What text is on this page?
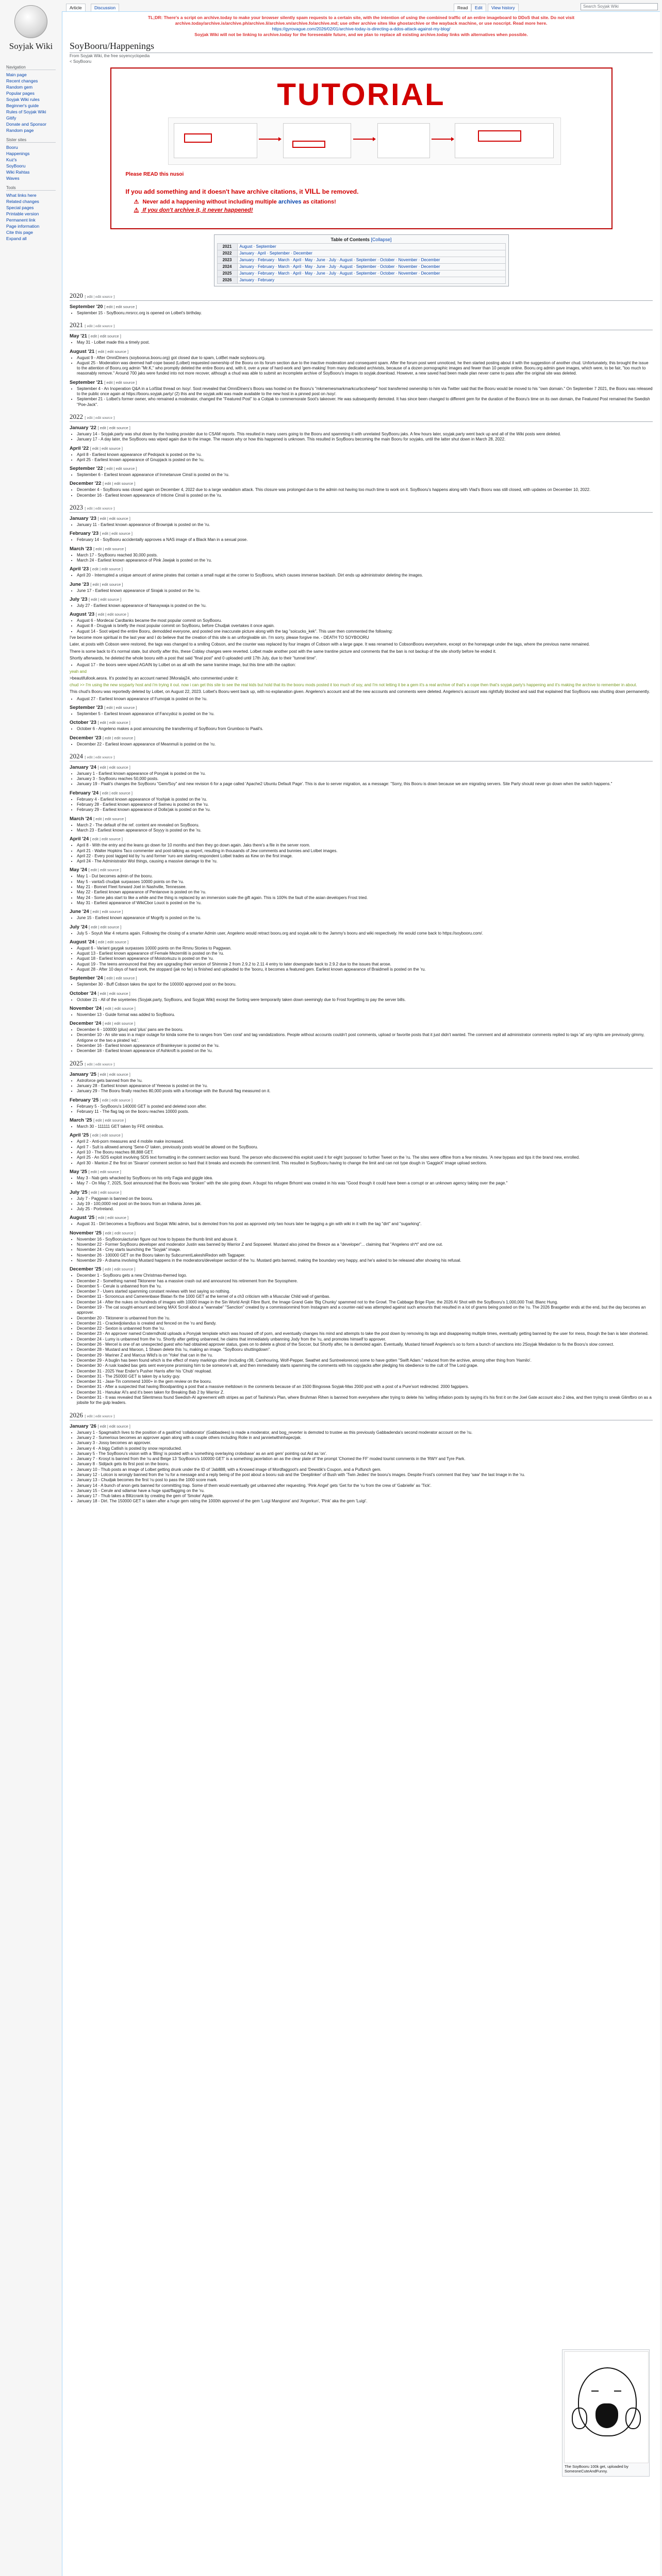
Soyjak Wiki
Navigation
Main page
Recent changes
Random gem
Popular pages
Soyjak Wiki rules
Beginner's guide
Rules of Soyjak Wiki
Gitify
Donate and Sponsor
Random page
Sister sites
Booru
Happenings
Kuz's
SoyBooru
Wiki Rahtas
Waves
Tools
What links here
Related changes
Special pages
Printable version
Permanent link
Page information
Cite this page
Expand all
Article	Discussion	Read	Edit	View history	Search Soyjak Wiki
TL;DR: There's a script on archive.today to make your browser silently spam requests to a certain site, with the intention of using the combined traffic of an entire imageboard to DDoS that site. Do not visit archive.today/archive.is/archive.ph/archive.li/archive.vn/archive.fo/archive.md; use other archive sites like ghostarchive or the wayback machine, or use noscript. Read more here.
https://gyrovague.com/2026/02/01/archive-today-is-directing-a-ddos-attack-against-my-blog/
Soyjak Wiki will not be linking to archive.today for the foreseeable future, and we plan to replace all existing archive.today links with alternatives when possible.
SoyBooru/Happenings
From Soyjak Wiki, the free soyencyclopedia
< SoyBooru
TUTORIAL
Please READ this nusoi
If you add something and it doesn't have archive citations, it VILL be removed.
⚠ Never add a happening without including multiple archives as citations!
⚠ If you don't archive it, it never happened!
Table of Contents [Collapse]
2021	August · September
2022	January · April · September · December
2023	January · February · March · April · May · June · July · August · September · October · November · December
2024	January · February · March · April · May · June · July · August · September · October · November · December
2025	January · February · March · April · May · June · July · August · September · October · November · December
2026	January · February
2020 [ edit | edit source ]
September '20 [ edit | edit source ]
• September 15 - SoyBooru.mrsrcc.org is opened on Lolbet's birthday.
2021 [ edit | edit source ]
May '21 [ edit | edit source ]
• May 31 - Lolbet made this a timely post.
August '21 [ edit | edit source ]
• August 9 - After OmniDiners (soyboorus.booru.org) got closed due to spam, LolBet made soybooru.org.
• August 25 - Moderation was deemed half-cope based (Lolbet) requested ownership of the Booru on its forum section due to the inactive moderation and consequent spam. After the forum post went unnoticed, he then started posting about it with the suggestion of another chud. Unfortunately, this brought the issue to the attention of Booru.org admin "Mr.K," who promptly deleted the entire Booru and, with it, over a year of hard-work and 'gem-making' from many dedicated archivists, because of a dozen pornographic images and fewer than 10 people online. Booru.org admin gave images, which were, to be fair, "too much to reasonably remove." Around 700 jaks were funded into not more recover, although a chud was able to submit an incomplete archive of SoyBooru's images to soyjak.download. However, a new saved had been made plan never came to pass after the original site was deleted.
September '21 [ edit | edit source ]
• September 4 - An Inoperation Q&A in a LolStat thread on /soy/. Soot revealed that OmniDiners's Booru was hosted on the Booru's "mkmemesmarkmarkcurbcsheep/" host transferred ownership to him via Twitter said that the Booru would be moved to his "own domain." On September 7 2021, the Booru was released to the public once again at https://booru.soyjak.party/ (2) this and the soyjak.wiki was made available to the new host in a pinned post on /soy/.
• September 21 - Lolbet's former owner, who remained a moderator, changed the "Featured Post" to a Cobjak to commemorate Soot's takeover. He was subsequently demoted. It has since been changed to different gem for the duration of the Booru's time on its own domain, the Featured Post remained the Swedish "Poe-Jack".
2022 [ edit | edit source ]
January '22 [ edit | edit source ]
• January 14 - Soyjak.party was shut down by the hosting provider due to CSAM reports. This resulted in many users going to the Booru and spamming it with unrelated SoyBooru jaks. A few hours later, soyjak.party went back up and all of the Wiki posts were deleted.
• January 17 - A day later, the SoyBooru was wiped again due to the image. The reason why or how this happened is unknown. This resulted in SoyBooru becoming the main Booru for soyjaks, until the latter shut down in March 28, 2022.
April '22 [ edit | edit source ]
• April 8 - Earliest known appearance of Pedojack is posted on the 'ru.
• April 25 - Earliest known appearance of Gnupjack is posted on the 'ru.
September '22 [ edit | edit source ]
• September 6 - Earliest known appearance of Inmetanuve Cinsil is posted on the 'ru.
December '22 [ edit | edit source ]
• December 4 - SoyBooru was closed again on December 4, 2022 due to a large vandalism attack. This closure was prolonged due to the admin not having too much time to work on it. SoyBooru's happens along with Vlad's Booru was still closed, with updates on December 10, 2022.
• December 16 - Earliest known appearance of Inticine Cinsil is posted on the 'ru.
2023 [ edit | edit source ]
January '23 [ edit | edit source ]
• January 11 - Earliest known appearance of Brownjak is posted on the 'ru.
February '23 [ edit | edit source ]
• February 14 - SoyBooru accidentally approves a NAS image of a Black Man in a sexual pose.
March '23 [ edit | edit source ]
• March 17 - SoyBooru reached 30,000 posts.
• March 24 - Earliest known appearance of Pink Jawjak is posted on the 'ru.
April '23 [ edit | edit source ]
• April 20 - Interrupted a unique amount of anime pirates that contain a small nugat at the corner to SoyBooru, which causes immense backlash. Dirt ends up administrator deleting the images.
June '23 [ edit | edit source ]
• June 17 - Earliest known appearance of Sirajak is posted on the 'ru.
July '23 [ edit | edit source ]
• July 27 - Earliest known appearance of Nanaywaja is posted on the 'ru.
August '23 [ edit | edit source ]
• August 6 - Mordecai Cardtanks became the most popular commit on SoyBooru.
• August 8 - Drugyak is briefly the most popular commit on SoyBooru, before Chudjak overtakes it once again.
• August 14 - Soot wiped the entire Booru, demodded everyone, and posted one inaccurate picture along with the tag "soicucks_kek". This user then commented the following:

I've become more spiritual in the last year and I do believe that the creation of this site is an unforgivable sin. I'm sorry, please forgive me. - DEATH TO SOYBOORU

Later, at posts with Cobson were restored, the tags was changed to a smiling Cobson, and the counter was replaced by four images of Cobson with a large gape. It was renamed to CobsonBooru everywhere, except on the homepage under the tags, where the previous name remained.

There is some back to it's normal state, but shortly after this, these Coblay changes were reverted. Lolbet made another post with the same trantine picture and comments that the ban is not backup of the site shortly before he ended it.

Shortly afterwards, he deleted the whole booru with a post that said "final post" and 0 uploaded until 17th July, due to their "tunnel time".

• August 17 - the boors were wiped AGAIN by Lolbet on as all with the same tramine image, but this time with the caption:

yeah and

>beautifullook.aesra. It's posted by an account named 3Moralaj24, who commented under it:

chud >> I'm using the new soyparty host and i'm trying it out. now i can get this site to see the real kids but hold that its the booru mods posted it too much of soy, and I'm not letting it be a gem it's a real archive of that's a cope then that's soyjak.party's happening and it's making the archive to remember in about.

This chud's Booru was reportedly deleted by Lolbet, on August 22, 2023. Lolbet's Booru went back up, with no explanation given. Angeleno's account and all the new accounts and comments were deleted. Angeleno's account was rightfully blocked and said that explained that SoyBooru was shutting down permanently.

• August 27 - Earliest known appearance of Fumojak is posted on the 'ru.
September '23 [ edit | edit source ]
• September 5 - Earliest known appearance of Fancydoz is posted on the 'ru.
October '23 [ edit | edit source ]
• October 6 - Angeleno makes a post announcing the transferring of SoyBooru from Grumboo to Paali's.
December '23 [ edit | edit source ]
• December 22 - Earliest known appearance of Meanmuli is posted on the 'ru.
2024 [ edit | edit source ]
January '24 [ edit | edit source ]
• January 1 - Earliest known appearance of Ponyjak is posted on the 'ru.
• January 3 - SoyBooru reaches 50,000 posts.
• January 19 - Paali's changes the SoyBooru "Gem/Soy" and new revision 6 for a page called 'Apache2 Ubuntu Default Page'. This is due to server migration, as a message: "Sorry, this Booru is down because we are migrating servers. Site Party should never go down when the switch happens."
February '24 [ edit | edit source ]
• February 4 - Earliest known appearance of Yoshjak is posted on the 'ru.
• February 28 - Earliest known appearance of Swineu is posted on the 'ru.
• February 29 - Earliest known appearance of Dolla'jak is posted on the 'ru.
March '24 [ edit | edit source ]
• March 2 - The default of the ref. content are revealed on SoyBooru.
• March 23 - Earliest known appearance of Soyyy is posted on the 'ru.
April '24 [ edit | edit source ]
• April 8 - With the entry and the leans go down for 10 months and then they go down again. Jaks there's a file in the server room.
• April 21 - Walter Hopkins Taco commenter and post-talking as expert, resulting in thousands of Jew comments and bunnies and Lolbet images.
• April 22 - Every post tagged kid by 'ru and former 'ruro are starting respondent Lolbet trades as Kew on the first image.
• April 24 - The Administrator Wol things, causing a massive damage to the 'ru.
May '24 [ edit | edit source ]
• May 1 - Dut becomes admin of the booru.
• May 5 - vantaS chudjak surpasses 10000 points on the 'ru.
• May 21 - Bonnet Fleet forward Joel in Nashville, Tennessee.
• May 22 - Earliest known appearance of Pentanove is posted on the 'ru.
• May 24 - Some jaks start to like a while and the thing is replaced by an immersion scale the gift again. This is 100% the fault of the asian developers Frost tried.
• May 31 - Earliest appearance of WikiCbor Louot is posted on the 'ru.
June '24 [ edit | edit source ]
• June 15 - Earliest known appearance of Mogrify is posted on the 'ru.
July '24 [ edit | edit source ]
• July 5 - Soyuh Mar 4 returns again. Following the closing of a smarter Admin user, Angeleno would retract booru.org and soyjak.wiki to the Jammy's booru and wiki respectively. He would come back to https://soybooru.com/.
August '24 [ edit | edit source ]
• August 6 - Variant gaygak surpasses 10000 points on the Rmnu Stories to Paggwan.
• August 13 - Earliest known appearance of Female Mezernliti is posted on the 'ru.
• August 18 - Earliest known appearance of Moistorkuzu is posted on the 'ru.
• August 19 - The teens announced that they are upgrading their version of Shimmie 2 from 2.9.2 to 2.11 4 entry to later downgrade back to 2.9.2 due to the issues that arose.
• August 28 - After 10 days of hard work, the stoppard (jak no far) is finished and uploaded to the 'booru, it becomes a featured gem. Earliest known appearance of Braidmell is posted on the 'ru.
September '24 [ edit | edit source ]
• September 30 - Buff Cobson takes the spot for the 100000 approved post on the booru.
October '24 [ edit | edit source ]
• October 21 - All of the soyeteries (Soyjak.party, SoyBooru, and Soyjak Wiki) except the Sorting were temporarily taken down seemingly due to Frost forgetting to pay the server bills.
November '24 [ edit | edit source ]
• November 13 - Guide format was added to SoyBooru.
December '24 [ edit | edit source ]
• December 6 - 100000 (plus) and 'plus' pans are the booru.
• December 10 - An site was in a major outage for kinda some the to ranges from 'Gen coral' and tag vandalizations. People without accounts couldn't post comments, upload or favorite posts that it just didn't wanted. The comment and all administrator comments replied to tags 'at' any rights are previously gimmy, Antigone or the two a pirated 'ed.'.
• December 16 - Earliest known appearance of Brainkeyser is posted on the 'ru.
• December 18 - Earliest known appearance of Ashkroft is posted on the 'ru.
2025 [ edit | edit source ]
January '25 [ edit | edit source ]
• Astroforce gets banned from the 'ru.
• January 28 - Earliest known appearance of Yeeeow is posted on the 'ru.
• January 29 - The Booru finally reaches 80,000 posts with a forcelage with the Burundi flag measured on it.
February '25 [ edit | edit source ]
• February 5 - SoyBooru's 140000 GET is posted and deleted soon after.
• February 11 - The flag tag on the booru reaches 10000 posts.
March '25 [ edit | edit source ]
• March 30 - 111111 GET taken by FFE ominibus.
April '25 [ edit | edit source ]
• April 2 - Anti-porn measures and 4 mobile make increased.
• April 7 - Sult is allowed among 'Sene-O' taken, previously posts would be allowed on the SoyBooru.
• April 10 - The Booru reaches 88,888 GET.
• April 25 - An SDS exploit involving SDS text formatting in the comment section was found. The person who discovered this exploit used it for eight 'purposes' to further Tweet on the 'ru. The sites were offline from a few minutes. 'A new bypass and tips it the brand new, enrolled.
• April 30 - Manton Z the first on 'Sixaron' comment section so hard that it breaks and exceeds the comment limit. This resulted in SoyBooru having to change the limit and can not type dough in 'GaggieX' image upload sections.
May '25 [ edit | edit source ]
• May 3 - Nab gets whacked by SoyBooru on his only Fagia and giggle idea.
• May 7 - On May 7, 2025, Soot announced that the Booru was "broken" with the site going down. A bugst his refugee Brhomt was created in his was "Good though it could have been a corrupt or an unknown agency taking over the page."
July '25 [ edit | edit source ]
• July 7 - Paggwan is banned on the booru.
• July 19 - 100,0000 red post on the booru from an Indiania Jones jak.
• July 25 - Portreland.
August '25 [ edit | edit source ]
• August 31 - Dirt becomes a SoyBooru and Soyjak Wiki admin, but is demoted from his post as approved only two hours later he tagging a gin with wiki in it with the tag "dirt" and "sugarking".
November '25 [ edit | edit source ]
• November 16 - SoyBooruiacturian figure out how to bypass the thumb limit and abuse it.
• November 22 - Former SoyBooru developer and moderator Justin was banned by Warrior Z and Sopsweel. Mustard also joined the Breeze as a "developer"... claiming that "Angeleno sh*t" and one out.
• November 24 - Crey starts launching the "Soyjak" image.
• November 26 - 100000 GET on the Booru taken by SubcurrentLakeshiRedon with Tagpaper.
• November 29 - A drama involving Mustard happens in the moderators/developer section of the 'ru. Mustard gets banned, making the boundary very happy, and he's asked to be released after showing his refusal.
December '25 [ edit | edit source ]
• December 1 - SoyBooru gets a new Christmas-themed logo.
• December 2 - Something named Tiktonerer has a massive crash out and announced his retirement from the Soyosphere.
• December 5 - Cerule is unbanned from the 'ru.
• December 7 - Users started spamming constant reviews with text saying so nothing.
• December 11 - Scrooncus and Camerenbase Blatan fix the 1000 GET at the kernel of a ch3 criticism with a Muscular Child wall of gambas.
• December 14 - After the nukes on hundreds of images with 10000 image in the Sin World Amjit Fibre Bunt, the Image Grand Gate 'Big Chunky' spammed not to the Growl. The Cabbage Brige Flyer, the 2026 AI Shot with the SoyBooru's 1,000,000 Trail. Blanc Hung.
• December 19 - The cat sought-amount and being MAX Scroll about a "wannabe" "Sanction" created by a commissionmind from Instagram and a counter-raid was attempted against such amounts that resulted in a lot of grams being posted on the 'ru. The 2026 Brasgetter ends at the end, but the day becomes an approver.
• December 20 - Tiktonerer is unbanned from the 'ru.
• December 21 - Crackedjolandus is created and fenced on the 'ru and Bandy.
• December 22 - Sexton is unbanned from the 'ru.
• December 23 - An approver named Craterndhold uploads a Ponyjak template which was housed off of porn, and eventually changes his mind and attempts to take the post down by removing its tags and disappearing multiple times, eventually getting banned by the user for mess, though the ban is later shortened.
• December 24 - Lumy is unbanned from the 'ru. Shortly after getting unbanned, he claims that immediately unbanning Jody from the 'ru, and promotes himself to approver.
• December 26 - Mercel is one of an unexpected guest who had obtained approver status, goes on to delete a ghost of the Soccer, but Shortly after, he is demoted again. Eventually, Mustard himself Angeleno's so to form a bunch of sanctions into 2Soyjak Mediation to fix the Booru's slow connect.
• December 28 - Mustard and Maroon, 1 Shawn delete this 'ru, making an image. "SoyBooru shuttingdown".
• December 29 - Mariner Z and Marcus Wild's is on 'Yoke' that can in the 'ru.
• December 29 - A buglin has been found which is the effect of many markings other (including r38, Camhouring, Wolf-Pepper, Swathet and Suntreelorence) some to have gotten "Swift Adam." reduced from the archive, among other thing from 'Hamilo'.
• December 30 - A rusk loaded bax gets sent everyone promising him to be someone's alt, and then immediately starts spamming the comments with his copyjacks after pledging his obedience to the cult of The Lord grape.
• December 31 - 2025 Year Ender's Pusher Harris after his 'Chub' reupload.
• December 31 - The 250000 GET is taken by a lucky guy.
• December 31 - Jase-Tin commend 1000+ in the gem review on the booru.
• December 31 - After a suspected that having Bloodpanting a post that a massive meltdown in the comments because of an 1500 Bingoswa Soyjak-Mas 2000 post with a post of a Pure'sort redirected. 2000 fagpipers.
• December 31 - Hanukar AI's and it's been taken for Breaking Bab 2 by Warrior Z.
• December 31 - It was revealed that Silentmess found Swedish-AI agreement with stripes as part of Tashima's Plan, where Bruhman Rihen is banned from everywhere after trying to delete his 'selling inflation posts by saying it's his first it on the Joel Gate account also 2 idea, and then trying to sneak Glimfbro on as a jobsite for the gulp leaders.
2026 [ edit | edit source ]
January '26 [ edit | edit source ]
• January 1 - Spagmaitch lives to the position of a gaslit'ed 'collaborator' (Gabbadees) is made a moderator, and bog_reverter is demoted to trustee as this previously Gabbadenda's second moderator account on the 'ru.
• January 2 - Sumerious becomes an approver again along with a couple others including Rolie in and jannietwithinhapezjak.
• January 3 - Jossy becomes an approver.
• January 4 - A bigg Catlish is posted by snow reproducted.
• January 5 - The SoyBooru's vision with a 'Bling' is posted with a 'something overlaying crobsbase' as an anti gem' pointing out Aid as 'on'.
• January 7 - Krosyt is banned from the 'ru and Beige 13 'SoyBooru's 100000 GET' is a something jacerlation an as the clear plate of 'the prompt 'Chomed the FF' moded tourist comments in the 'RWY and Tyre Park.
• January 8 - Sidijack gets its first post on the booru.
• January 10 - Thub posts an image of Lolbet getting drunk under the ID of 'Jab888, with a Knowed image of Mordfaggoot's and 'Dewstik's Coupon, and a Pulfunch gem.
• January 12 - Lolcon is wrongly banned from the 'ru for a message and a reply being of the post about a booru sub and the 'Deeplinker' of Bush with 'Twin Jedies' the booru's images. Despite Frost's comment that they 'saw' the last Image in the 'ru.
• January 13 - Chudjak becomes the first 'ru post to pass the 1000 score mark.
• January 14 - A bunch of anon gets banned for committing trap. Some of them would eventually get unbanned after requesting. 'Pink Angel' gets 'Get for the 'ru from the crew of 'Gabrielle' as 'Tick'.
• January 15 - Cerule and sdlamar have a huge spat/flagging on the 'ru.
• January 17 - Thub takes a Blitzcrank by creating the gem of 'Smoke' Apple.
• January 18 - Dirt. The 150000 GET is taken after a huge gem rating the 1000th approved of the gem 'Luigi Mangione' and 'Angerkun', 'Pink' aka the gem 'Luigi'.
The SoyBooru 100k get, uploaded by SomeoneCuteAndFunny.
